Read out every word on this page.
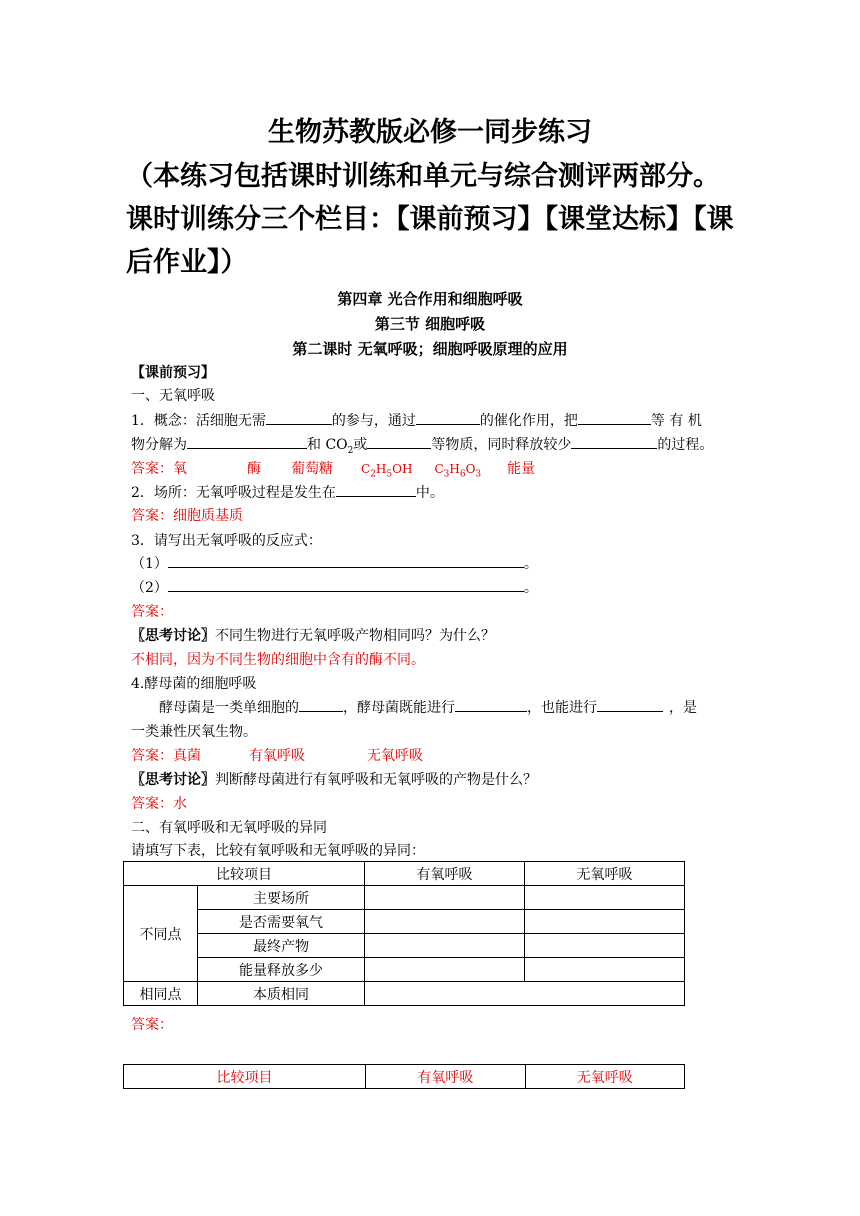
生物苏教版必修一同步练习
（本练习包括课时训练和单元与综合测评两部分。课时训练分三个栏目：【课前预习】【课堂达标】【课后作业】）
第四章 光合作用和细胞呼吸
第三节 细胞呼吸
第二课时 无氧呼吸；细胞呼吸原理的应用
【课前预习】
一、无氧呼吸
1．概念：活细胞无需	的参与，通过	的催化作用，把	等 有 机
物分解为	和 $CO_2$或	等物质，同时释放较少	的过程。
答案：氧	酶 葡萄糖 $C_2H_5OH$ $C_3H_6O_3$ 能量
2．场所：无氧呼吸过程是发生在	中。
答案：细胞质基质
3．请写出无氧呼吸的反应式：
（1）	。
（2）	。
答案：
〖思考讨论〗不同生物进行无氧呼吸产物相同吗？为什么？
不相同，因为不同生物的细胞中含有的酶不同。
4.酵母菌的细胞呼吸
酵母菌是一类单细胞的	，酵母菌既能进行	，也能进行	，是
一类兼性厌氧生物。
答案：真菌	有氧呼吸	无氧呼吸
〖思考讨论〗判断酵母菌进行有氧呼吸和无氧呼吸的产物是什么？
答案：水
二、有氧呼吸和无氧呼吸的异同
请填写下表，比较有氧呼吸和无氧呼吸的异同：
比较项目		有氧呼吸	无氧呼吸
不同点	主要场所		
	是否需要氧气		
	最终产物		
	能量释放多少		
相同点	本质相同		
答案：
比较项目	有氧呼吸	无氧呼吸
